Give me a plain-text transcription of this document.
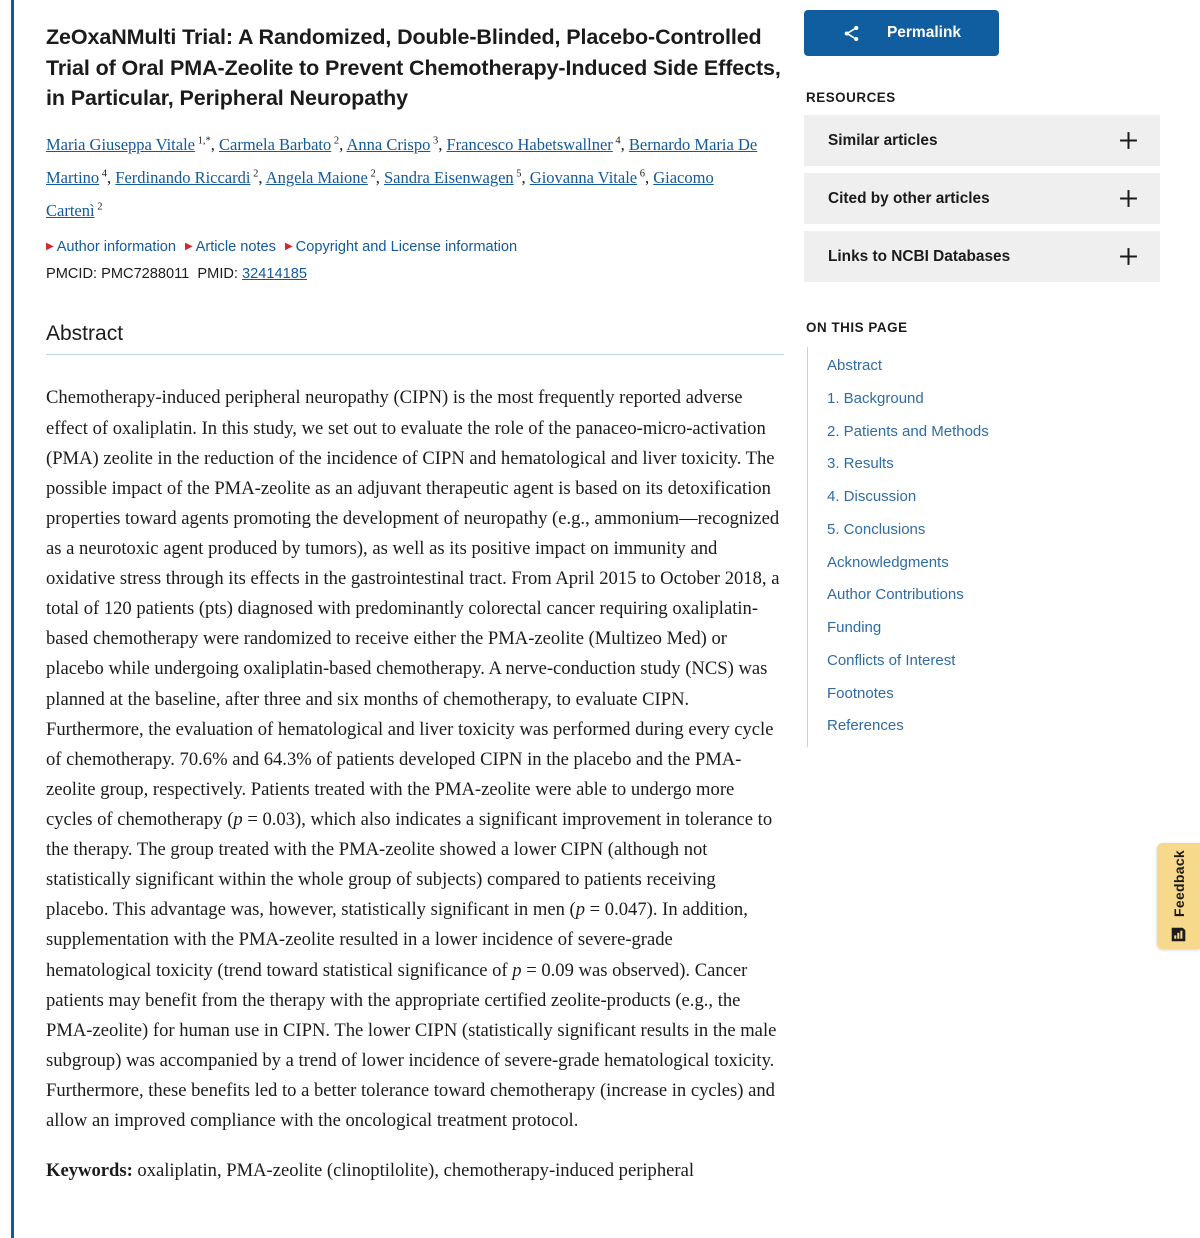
ZeOxaNMulti Trial: A Randomized, Double-Blinded, Placebo-Controlled Trial of Oral PMA-Zeolite to Prevent Chemotherapy-Induced Side Effects, in Particular, Peripheral Neuropathy
Maria Giuseppa Vitale $^{1,*}$, Carmela Barbato $^2$, Anna Crispo $^3$, Francesco Habetswallner $^4$, Bernardo Maria De Martino $^4$, Ferdinando Riccardi $^2$, Angela Maione $^2$, Sandra Eisenwagen $^5$, Giovanna Vitale $^6$, Giacomo Cartenì $^2$
▶ Author information ▶ Article notes ▶ Copyright and License information
PMCID: PMC7288011 PMID: 32414185
Abstract

Chemotherapy-induced peripheral neuropathy (CIPN) is the most frequently reported adverse effect of oxaliplatin. In this study, we set out to evaluate the role of the panaceo-micro-activation (PMA) zeolite in the reduction of the incidence of CIPN and hematological and liver toxicity. The possible impact of the PMA-zeolite as an adjuvant therapeutic agent is based on its detoxification properties toward agents promoting the development of neuropathy (e.g., ammonium—recognized as a neurotoxic agent produced by tumors), as well as its positive impact on immunity and oxidative stress through its effects in the gastrointestinal tract. From April 2015 to October 2018, a total of 120 patients (pts) diagnosed with predominantly colorectal cancer requiring oxaliplatin-based chemotherapy were randomized to receive either the PMA-zeolite (Multizeo Med) or placebo while undergoing oxaliplatin-based chemotherapy. A nerve-conduction study (NCS) was planned at the baseline, after three and six months of chemotherapy, to evaluate CIPN. Furthermore, the evaluation of hematological and liver toxicity was performed during every cycle of chemotherapy. 70.6% and 64.3% of patients developed CIPN in the placebo and the PMA-zeolite group, respectively. Patients treated with the PMA-zeolite were able to undergo more cycles of chemotherapy (p = 0.03), which also indicates a significant improvement in tolerance to the therapy. The group treated with the PMA-zeolite showed a lower CIPN (although not statistically significant within the whole group of subjects) compared to patients receiving placebo. This advantage was, however, statistically significant in men (p = 0.047). In addition, supplementation with the PMA-zeolite resulted in a lower incidence of severe-grade hematological toxicity (trend toward statistical significance of p = 0.09 was observed). Cancer patients may benefit from the therapy with the appropriate certified zeolite-products (e.g., the PMA-zeolite) for human use in CIPN. The lower CIPN (statistically significant results in the male subgroup) was accompanied by a trend of lower incidence of severe-grade hematological toxicity. Furthermore, these benefits led to a better tolerance toward chemotherapy (increase in cycles) and allow an improved compliance with the oncological treatment protocol.

Keywords: oxaliplatin, PMA-zeolite (clinoptilolite), chemotherapy-induced peripheral

Permalink
RESOURCES
Similar articles
Cited by other articles
Links to NCBI Databases
ON THIS PAGE
Abstract
1. Background
2. Patients and Methods
3. Results
4. Discussion
5. Conclusions
Acknowledgments
Author Contributions
Funding
Conflicts of Interest
Footnotes
References
Feedback
